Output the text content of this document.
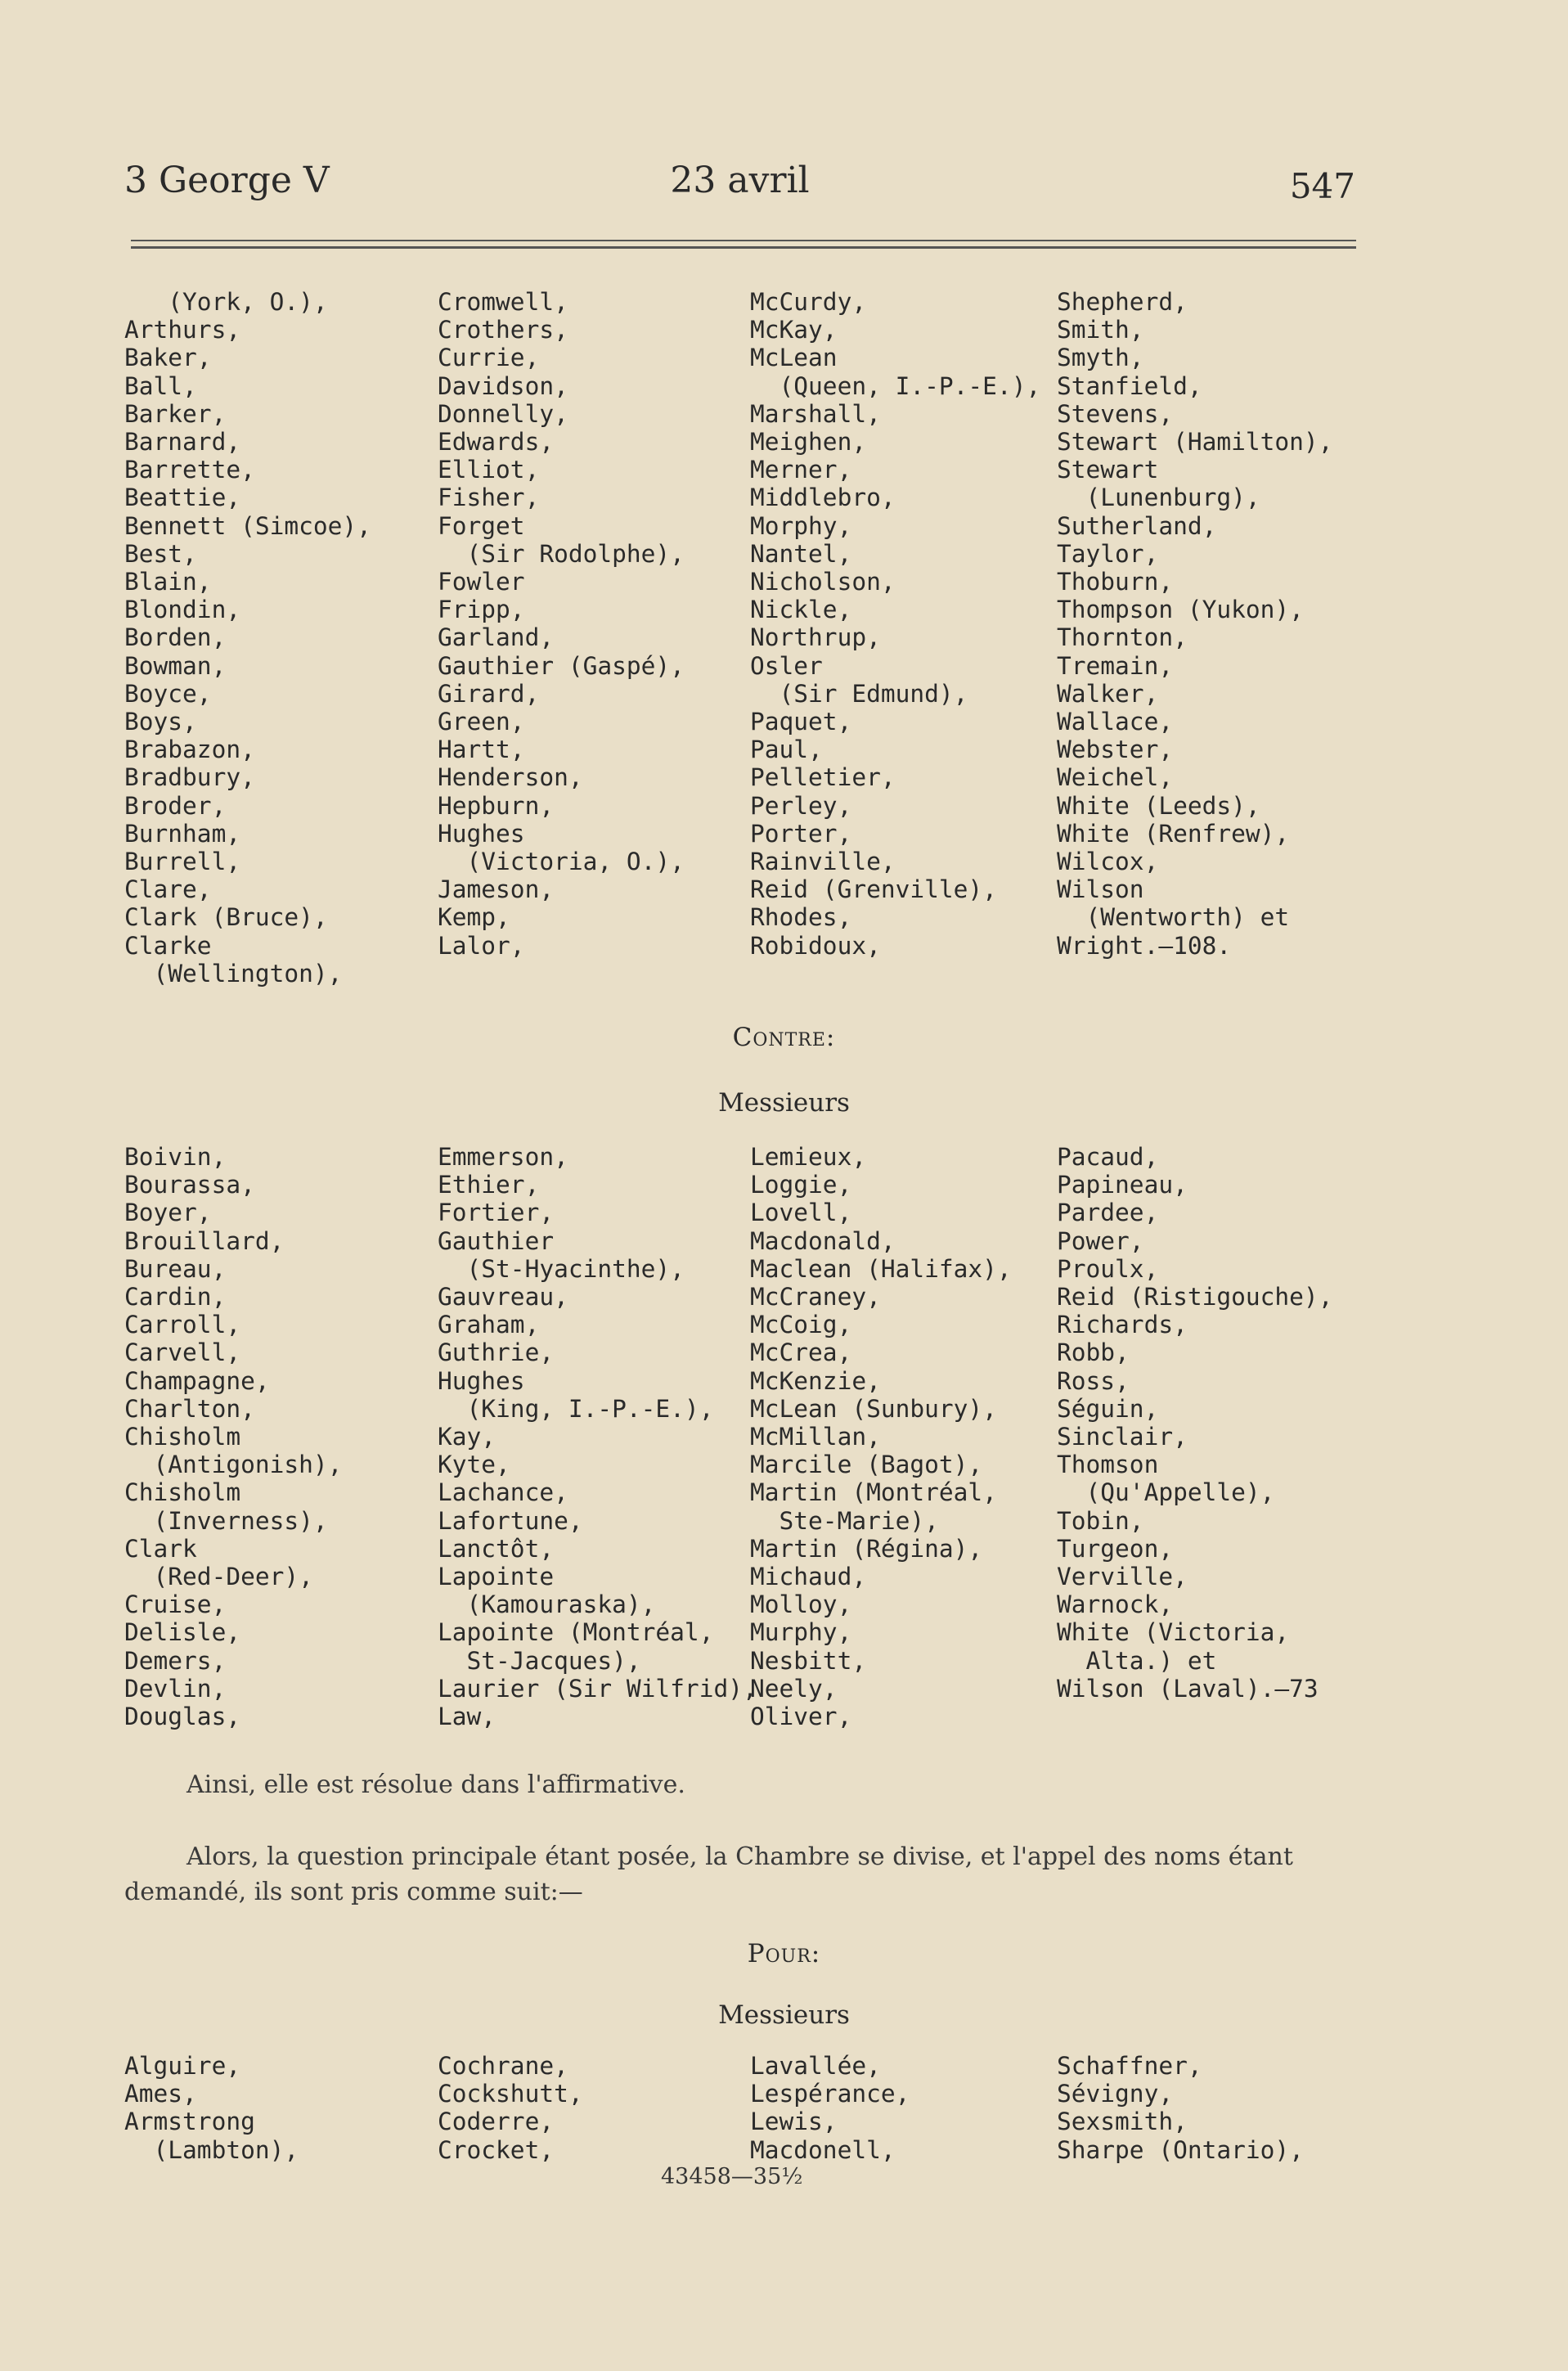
3 George V	23 avril	547
(York, O.),
Arthurs,
Baker,
Ball,
Barker,
Barnard,
Barrette,
Beattie,
Bennett (Simcoe),
Best,
Blain,
Blondin,
Borden,
Bowman,
Boyce,
Boys,
Brabazon,
Bradbury,
Broder,
Burnham,
Burrell,
Clare,
Clark (Bruce),
Clarke
(Wellington),
Cromwell,
Crothers,
Currie,
Davidson,
Donnelly,
Edwards,
Elliot,
Fisher,
Forget
(Sir Rodolphe),
Fowler
Fripp,
Garland,
Gauthier (Gaspé),
Girard,
Green,
Hartt,
Henderson,
Hepburn,
Hughes
(Victoria, O.),
Jameson,
Kemp,
Lalor,
McCurdy,
McKay,
McLean
(Queen, I.-P.-E.),
Marshall,
Meighen,
Merner,
Middlebro,
Morphy,
Nantel,
Nicholson,
Nickle,
Northrup,
Osler
(Sir Edmund),
Paquet,
Paul,
Pelletier,
Perley,
Porter,
Rainville,
Reid (Grenville),
Rhodes,
Robidoux,
Shepherd,
Smith,
Smyth,
Stanfield,
Stevens,
Stewart (Hamilton),
Stewart
(Lunenburg),
Sutherland,
Taylor,
Thoburn,
Thompson (Yukon),
Thornton,
Tremain,
Walker,
Wallace,
Webster,
Weichel,
White (Leeds),
White (Renfrew),
Wilcox,
Wilson
(Wentworth) et
Wright.—108.
Contre:
Messieurs
Boivin,
Bourassa,
Boyer,
Brouillard,
Bureau,
Cardin,
Carroll,
Carvell,
Champagne,
Charlton,
Chisholm
(Antigonish),
Chisholm
(Inverness),
Clark
(Red-Deer),
Cruise,
Delisle,
Demers,
Devlin,
Douglas,
Emmerson,
Ethier,
Fortier,
Gauthier
(St-Hyacinthe),
Gauvreau,
Graham,
Guthrie,
Hughes
(King, I.-P.-E.),
Kay,
Kyte,
Lachance,
Lafortune,
Lanctôt,
Lapointe
(Kamouraska),
Lapointe (Montréal,
St-Jacques),
Laurier (Sir Wilfrid),
Law,
Lemieux,
Loggie,
Lovell,
Macdonald,
Maclean (Halifax),
McCraney,
McCoig,
McCrea,
McKenzie,
McLean (Sunbury),
McMillan,
Marcile (Bagot),
Martin (Montréal,
Ste-Marie),
Martin (Régina),
Michaud,
Molloy,
Murphy,
Nesbitt,
Neely,
Oliver,
Pacaud,
Papineau,
Pardee,
Power,
Proulx,
Reid (Ristigouche),
Richards,
Robb,
Ross,
Séguin,
Sinclair,
Thomson
(Qu'Appelle),
Tobin,
Turgeon,
Verville,
Warnock,
White (Victoria,
Alta.) et
Wilson (Laval).—73
Ainsi, elle est résolue dans l'affirmative.
Alors, la question principale étant posée, la Chambre se divise, et l'appel des noms étant demandé, ils sont pris comme suit:—
Pour:
Messieurs
Alguire,
Ames,
Armstrong
(Lambton),
Cochrane,
Cockshutt,
Coderre,
Crocket,
Lavallée,
Lespérance,
Lewis,
Macdonell,
Schaffner,
Sévigny,
Sexsmith,
Sharpe (Ontario),
43458—35½
